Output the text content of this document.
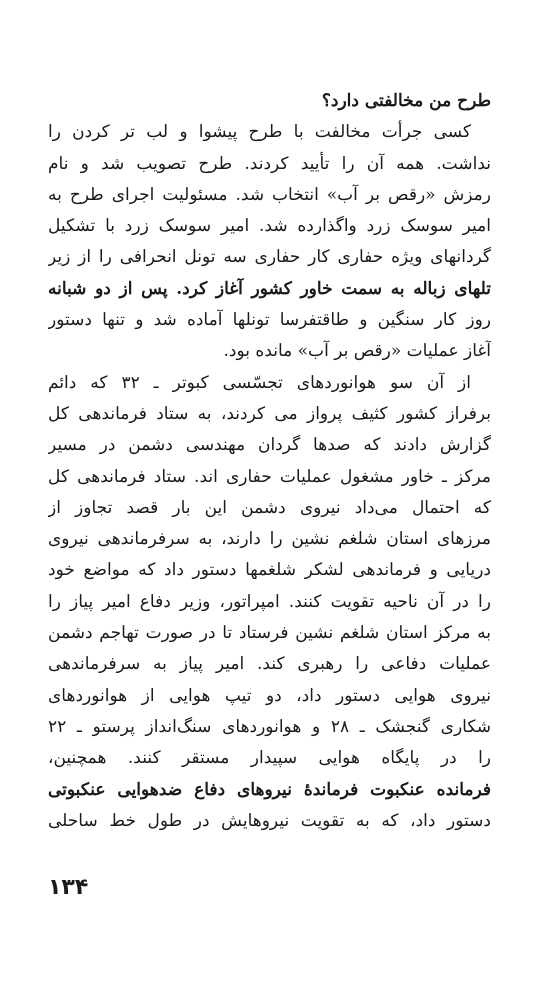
طرح من مخالفتی دارد؟
کسی جرأت مخالفت با طرح پیشوا و لب تر کردن را
نداشت. همه آن را تأیید کردند. طرح تصویب شد و نام
رمزش «رقص بر آب» انتخاب شد. مسئولیت اجرای طرح به
امیر سوسک زرد واگذارده شد. امیر سوسک زرد با تشکیل
گردانهای ویژه حفاری کار حفاری سه تونل انحرافی را از زیر
تلهای زباله به سمت خاور کشور آغاز کرد. پس از دو شبانه
روز کار سنگین و طاقتفرسا تونلها آماده شد و تنها دستور
آغاز عملیات «رقص بر آب» مانده بود.
از آن سو هوانوردهای تجسّسی کبوتر ـ ۳۲ که دائم
برفراز کشور کثیف پرواز می کردند، به ستاد فرماندهی کل
گزارش دادند که صدها گردان مهندسی دشمن در مسیر
مرکز ـ خاور مشغول عملیات حفاری اند. ستاد فرماندهی کل
که احتمال می‌داد نیروی دشمن این بار قصد تجاوز از
مرزهای استان شلغم نشین را دارند، به سرفرماندهی نیروی
دریایی و فرماندهی لشکر شلغمها دستور داد که مواضع خود
را در آن ناحیه تقویت کنند. امپراتور، وزیر دفاع امیر پیاز را
به مرکز استان شلغم نشین فرستاد تا در صورت تهاجم دشمن
عملیات دفاعی را رهبری کند. امیر پیاز به سرفرماندهی
نیروی هوایی دستور داد، دو تیپ هوایی از هوانوردهای
شکاری گنجشک ـ ۲۸ و هوانوردهای سنگ‌انداز پرستو ـ ۲۲
را در پایگاه هوایی سپیدار مستقر کنند. همچنین،
فرمانده عنکبوت فرماندهٔ نیروهای دفاع ضدهوایی عنکبوتی
دستور داد، که به تقویت نیروهایش در طول خط ساحلی
۱۳۴
